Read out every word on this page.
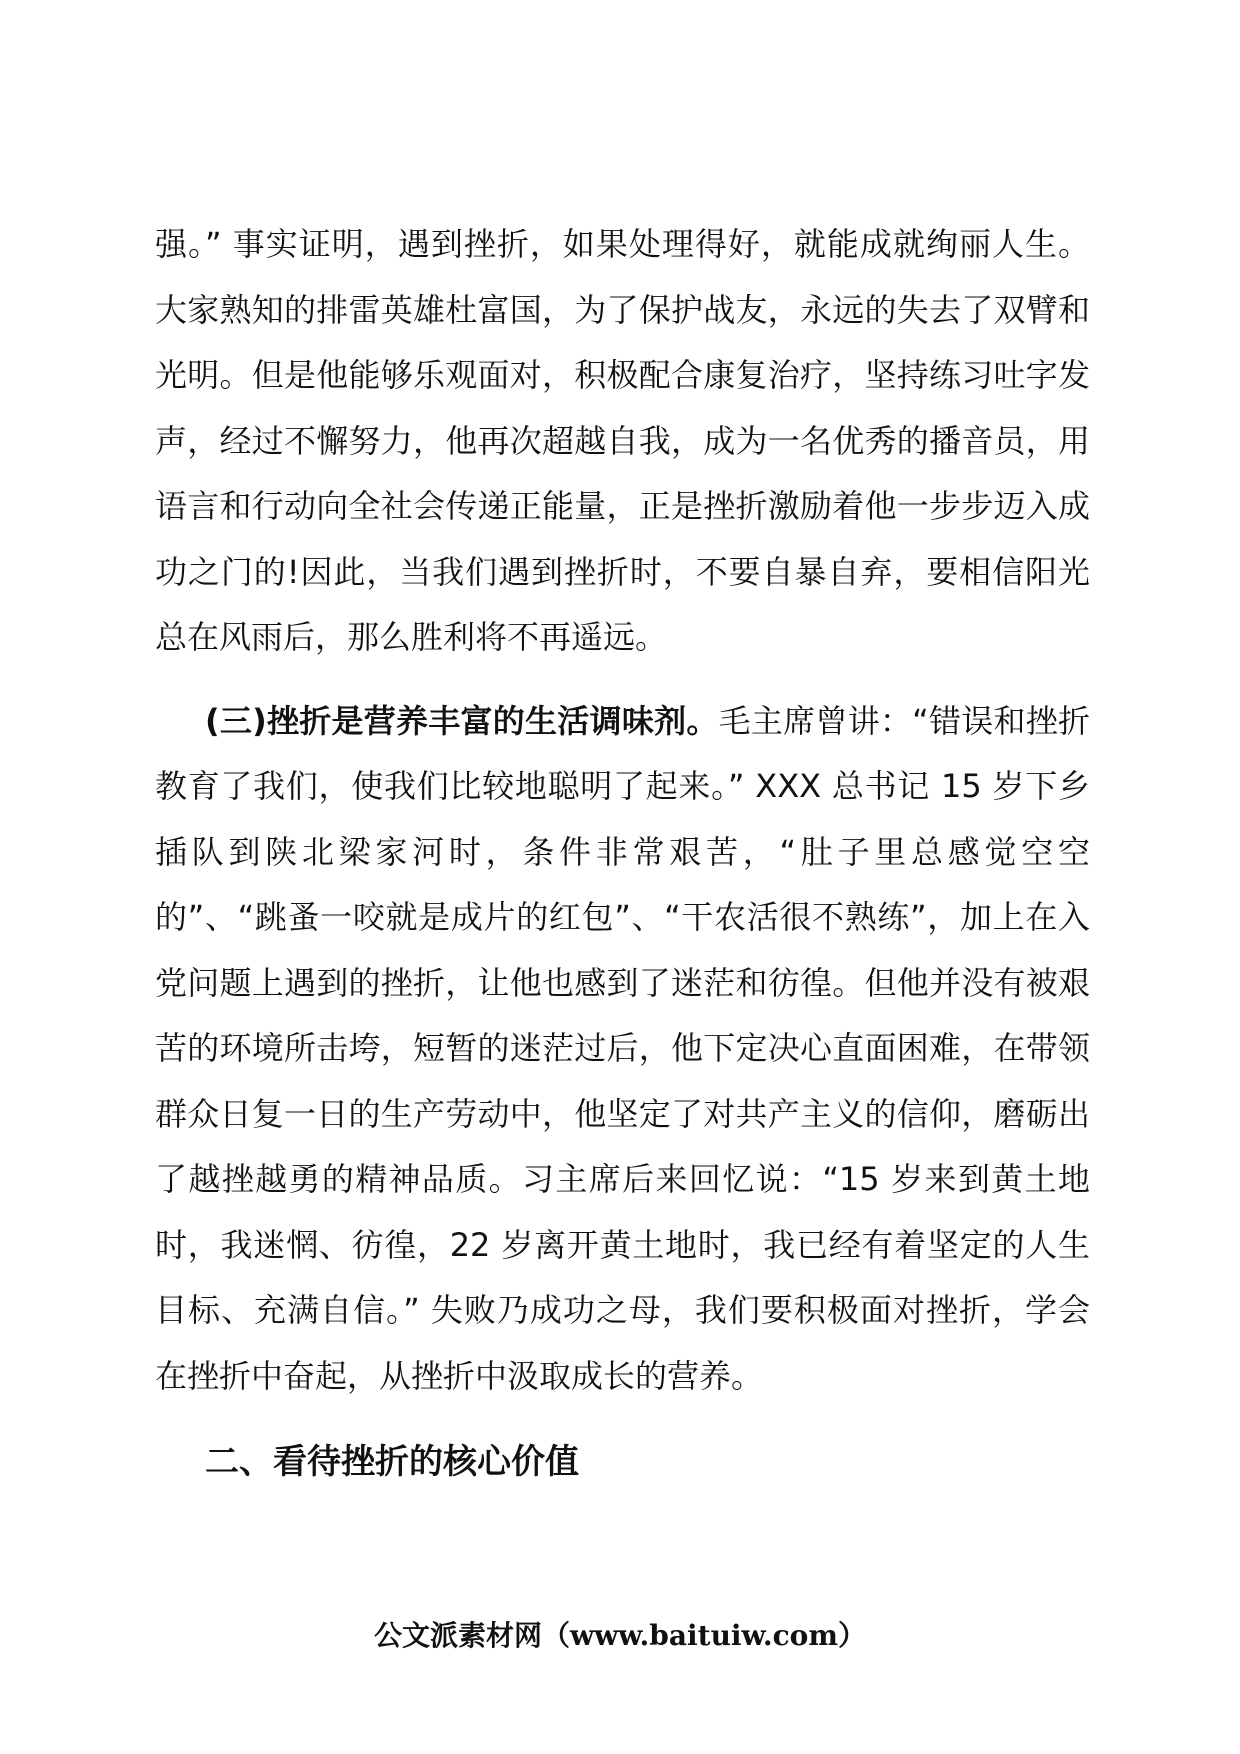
强。” 事实证明，遇到挫折，如果处理得好，就能成就绚丽人生。大家熟知的排雷英雄杜富国，为了保护战友，永远的失去了双臂和光明。但是他能够乐观面对，积极配合康复治疗，坚持练习吐字发声，经过不懈努力，他再次超越自我，成为一名优秀的播音员，用语言和行动向全社会传递正能量，正是挫折激励着他一步步迈入成功之门的!因此，当我们遇到挫折时，不要自暴自弃，要相信阳光总在风雨后，那么胜利将不再遥远。

(三)挫折是营养丰富的生活调味剂。毛主席曾讲：“错误和挫折教育了我们，使我们比较地聪明了起来。” XXX 总书记 15 岁下乡插队到陕北梁家河时，条件非常艰苦，“肚子里总感觉空空的”、“跳蚤一咬就是成片的红包”、“干农活很不熟练”，加上在入党问题上遇到的挫折，让他也感到了迷茫和彷徨。但他并没有被艰苦的环境所击垮，短暂的迷茫过后，他下定决心直面困难，在带领群众日复一日的生产劳动中，他坚定了对共产主义的信仰，磨砺出了越挫越勇的精神品质。习主席后来回忆说：“15 岁来到黄土地时，我迷惘、彷徨，22 岁离开黄土地时，我已经有着坚定的人生目标、充满自信。” 失败乃成功之母，我们要积极面对挫折，学会在挫折中奋起，从挫折中汲取成长的营养。

二、看待挫折的核心价值
公文派素材网（www.baituiw.com）
